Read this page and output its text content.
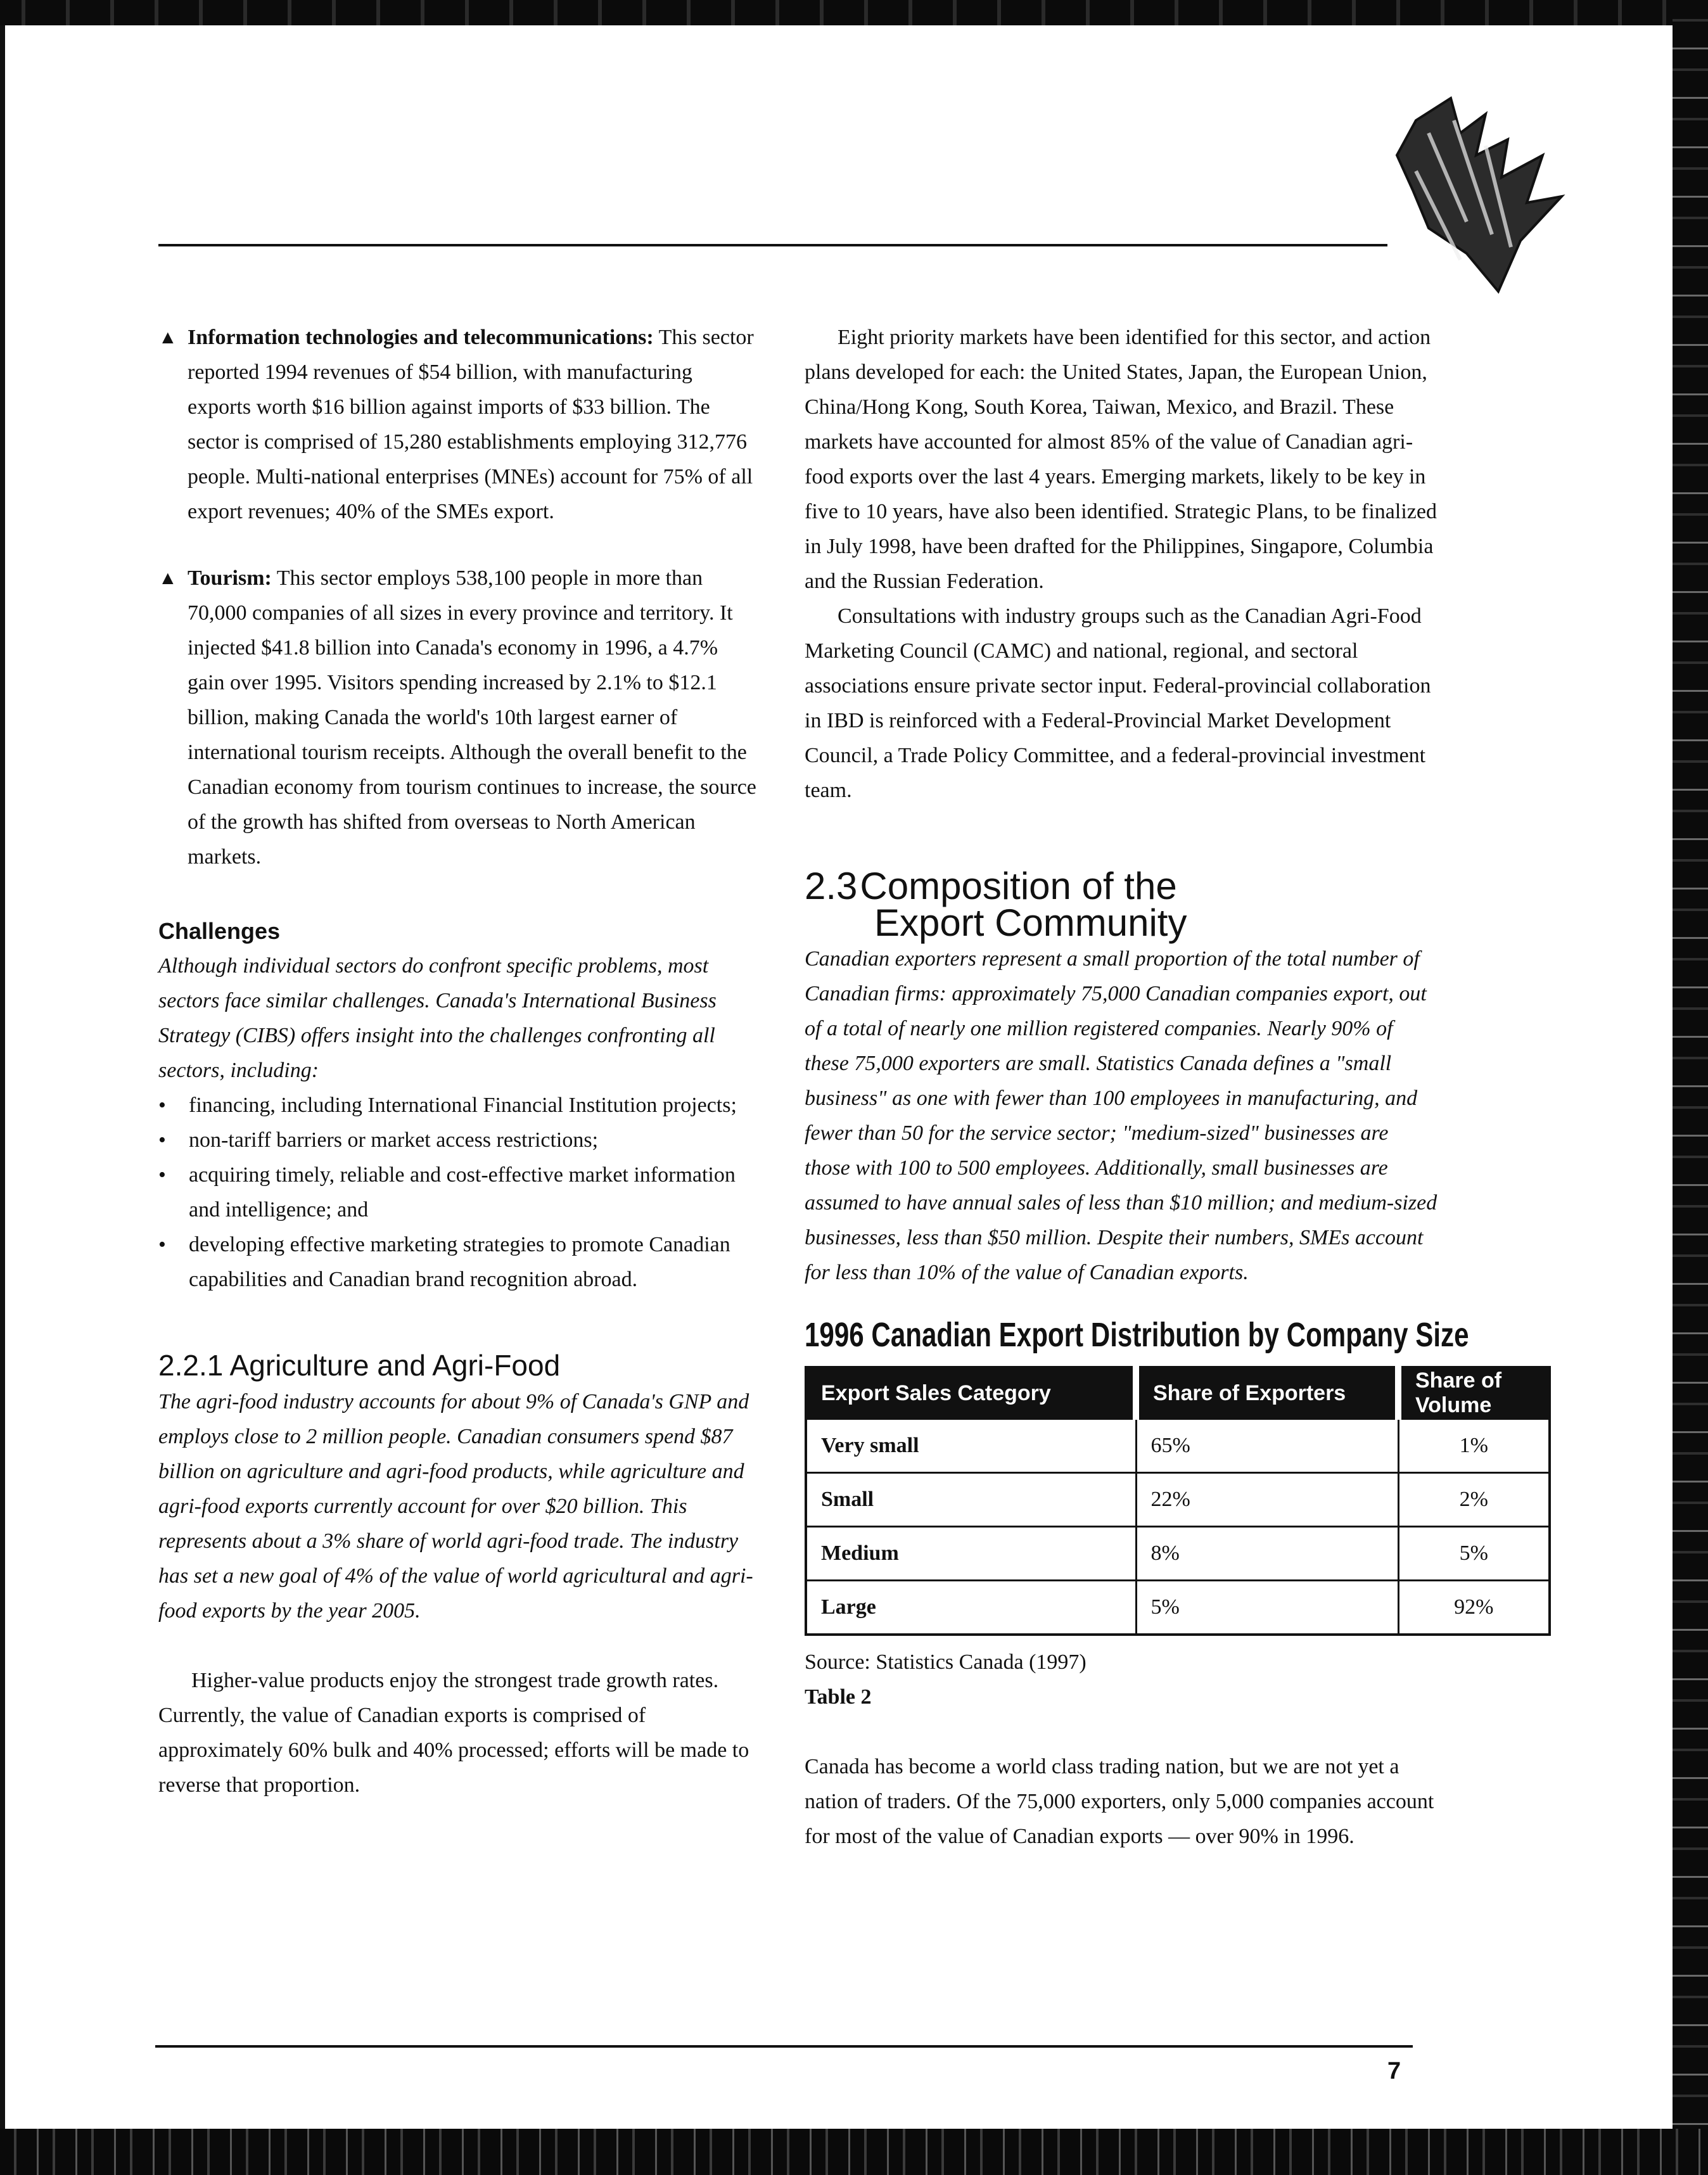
▲ Information technologies and telecommunications: This sector reported 1994 revenues of $54 billion, with manufacturing exports worth $16 billion against imports of $33 billion. The sector is comprised of 15,280 establishments employing 312,776 people. Multi-national enterprises (MNEs) account for 75% of all export revenues; 40% of the SMEs export.
▲ Tourism: This sector employs 538,100 people in more than 70,000 companies of all sizes in every province and territory. It injected $41.8 billion into Canada's economy in 1996, a 4.7% gain over 1995. Visitors spending increased by 2.1% to $12.1 billion, making Canada the world's 10th largest earner of international tourism receipts. Although the overall benefit to the Canadian economy from tourism continues to increase, the source of the growth has shifted from overseas to North American markets.

Challenges

Although individual sectors do confront specific problems, most sectors face similar challenges. Canada's International Business Strategy (CIBS) offers insight into the challenges confronting all sectors, including:

• financing, including International Financial Institution projects;
• non-tariff barriers or market access restrictions;
• acquiring timely, reliable and cost-effective market information and intelligence; and
• developing effective marketing strategies to promote Canadian capabilities and Canadian brand recognition abroad.

2.2.1 Agriculture and Agri-Food

The agri-food industry accounts for about 9% of Canada's GNP and employs close to 2 million people. Canadian consumers spend $87 billion on agriculture and agri-food products, while agriculture and agri-food exports currently account for over $20 billion. This represents about a 3% share of world agri-food trade. The industry has set a new goal of 4% of the value of world agricultural and agri-food exports by the year 2005.

Higher-value products enjoy the strongest trade growth rates. Currently, the value of Canadian exports is comprised of approximately 60% bulk and 40% processed; efforts will be made to reverse that proportion.

Eight priority markets have been identified for this sector, and action plans developed for each: the United States, Japan, the European Union, China/Hong Kong, South Korea, Taiwan, Mexico, and Brazil. These markets have accounted for almost 85% of the value of Canadian agri-food exports over the last 4 years. Emerging markets, likely to be key in five to 10 years, have also been identified. Strategic Plans, to be finalized in July 1998, have been drafted for the Philippines, Singapore, Columbia and the Russian Federation.

Consultations with industry groups such as the Canadian Agri-Food Marketing Council (CAMC) and national, regional, and sectoral associations ensure private sector input. Federal-provincial collaboration in IBD is reinforced with a Federal-Provincial Market Development Council, a Trade Policy Committee, and a federal-provincial investment team.

2.3 Composition of the
Export Community

Canadian exporters represent a small proportion of the total number of Canadian firms: approximately 75,000 Canadian companies export, out of a total of nearly one million registered companies. Nearly 90% of these 75,000 exporters are small. Statistics Canada defines a "small business" as one with fewer than 100 employees in manufacturing, and fewer than 50 for the service sector; "medium-sized" businesses are those with 100 to 500 employees. Additionally, small businesses are assumed to have annual sales of less than $10 million; and medium-sized businesses, less than $50 million. Despite their numbers, SMEs account for less than 10% of the value of Canadian exports.

1996 Canadian Export Distribution by Company Size
Export Sales Category	Share of Exporters	Share of Volume
Very small	65%	1%
Small	22%	2%
Medium	8%	5%
Large	5%	92%

Source: Statistics Canada (1997)

Table 2

Canada has become a world class trading nation, but we are not yet a nation of traders. Of the 75,000 exporters, only 5,000 companies account for most of the value of Canadian exports — over 90% in 1996.

7
